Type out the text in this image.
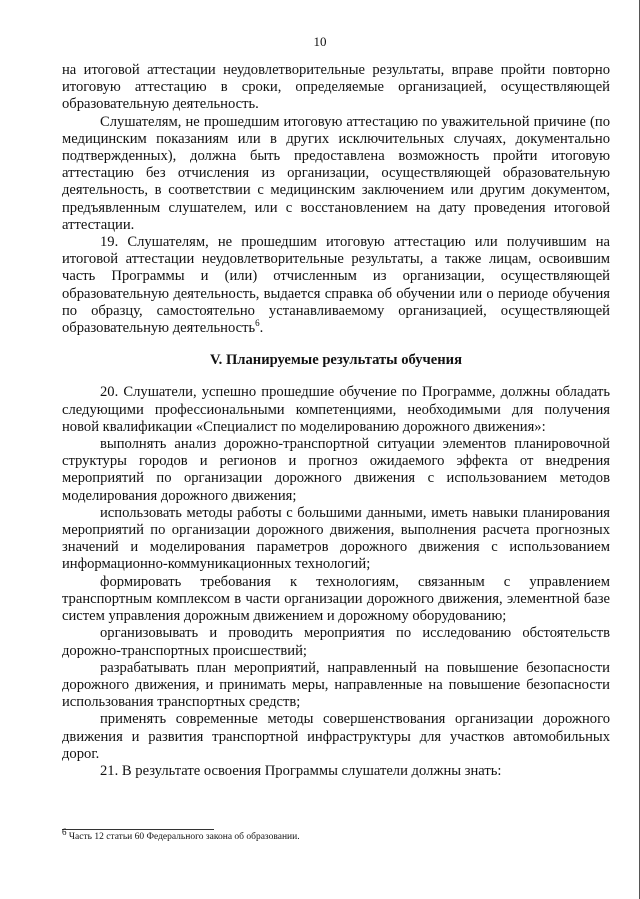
10

на итоговой аттестации неудовлетворительные результаты, вправе пройти повторно итоговую аттестацию в сроки, определяемые организацией, осуществляющей образовательную деятельность.

Слушателям, не прошедшим итоговую аттестацию по уважительной причине (по медицинским показаниям или в других исключительных случаях, документально подтвержденных), должна быть предоставлена возможность пройти итоговую аттестацию без отчисления из организации, осуществляющей образовательную деятельность, в соответствии с медицинским заключением или другим документом, предъявленным слушателем, или с восстановлением на дату проведения итоговой аттестации.

19. Слушателям, не прошедшим итоговую аттестацию или получившим на итоговой аттестации неудовлетворительные результаты, а также лицам, освоившим часть Программы и (или) отчисленным из организации, осуществляющей образовательную деятельность, выдается справка об обучении или о периоде обучения по образцу, самостоятельно устанавливаемому организацией, осуществляющей образовательную деятельность$^6$.

V. Планируемые результаты обучения

20. Слушатели, успешно прошедшие обучение по Программе, должны обладать следующими профессиональными компетенциями, необходимыми для получения новой квалификации «Специалист по моделированию дорожного движения»:

выполнять анализ дорожно-транспортной ситуации элементов планировочной структуры городов и регионов и прогноз ожидаемого эффекта от внедрения мероприятий по организации дорожного движения с использованием методов моделирования дорожного движения;

использовать методы работы с большими данными, иметь навыки планирования мероприятий по организации дорожного движения, выполнения расчета прогнозных значений и моделирования параметров дорожного движения с использованием информационно-коммуникационных технологий;

формировать требования к технологиям, связанным с управлением транспортным комплексом в части организации дорожного движения, элементной базе систем управления дорожным движением и дорожному оборудованию;

организовывать и проводить мероприятия по исследованию обстоятельств дорожно-транспортных происшествий;

разрабатывать план мероприятий, направленный на повышение безопасности дорожного движения, и принимать меры, направленные на повышение безопасности использования транспортных средств;

применять современные методы совершенствования организации дорожного движения и развития транспортной инфраструктуры для участков автомобильных дорог.

21. В результате освоения Программы слушатели должны знать:

6 Часть 12 статьи 60 Федерального закона об образовании.
